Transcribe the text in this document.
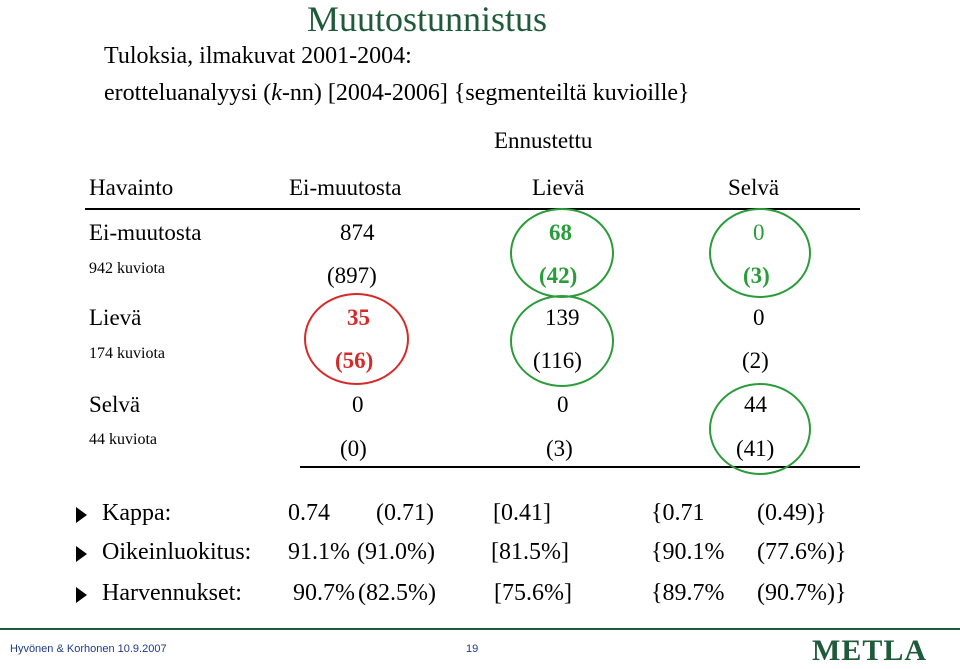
Muutostunnistus
Tuloksia, ilmakuvat 2001-2004:
erotteluanalyysi (k-nn) [2004-2006] {segmenteiltä kuvioille}
Ennustettu
Havainto	Ei-muutosta	Lievä	Selvä
Ei-muutosta
942 kuviota
874	68	0
(897)	(42)	(3)
Lievä
174 kuviota
35	139	0
(56)	(116)	(2)
Selvä
44 kuviota
0	0	44
(0)	(3)	(41)
Kappa:	0.74 (0.71) [0.41]	{0.71 (0.49)}
Oikeinluokitus: 91.1% (91.0%) [81.5%]	{90.1% (77.6%)}
Harvennukset: 90.7% (82.5%) [75.6%]	{89.7% (90.7%)}
Hyvönen & Korhonen 10.9.2007	19	METLA
